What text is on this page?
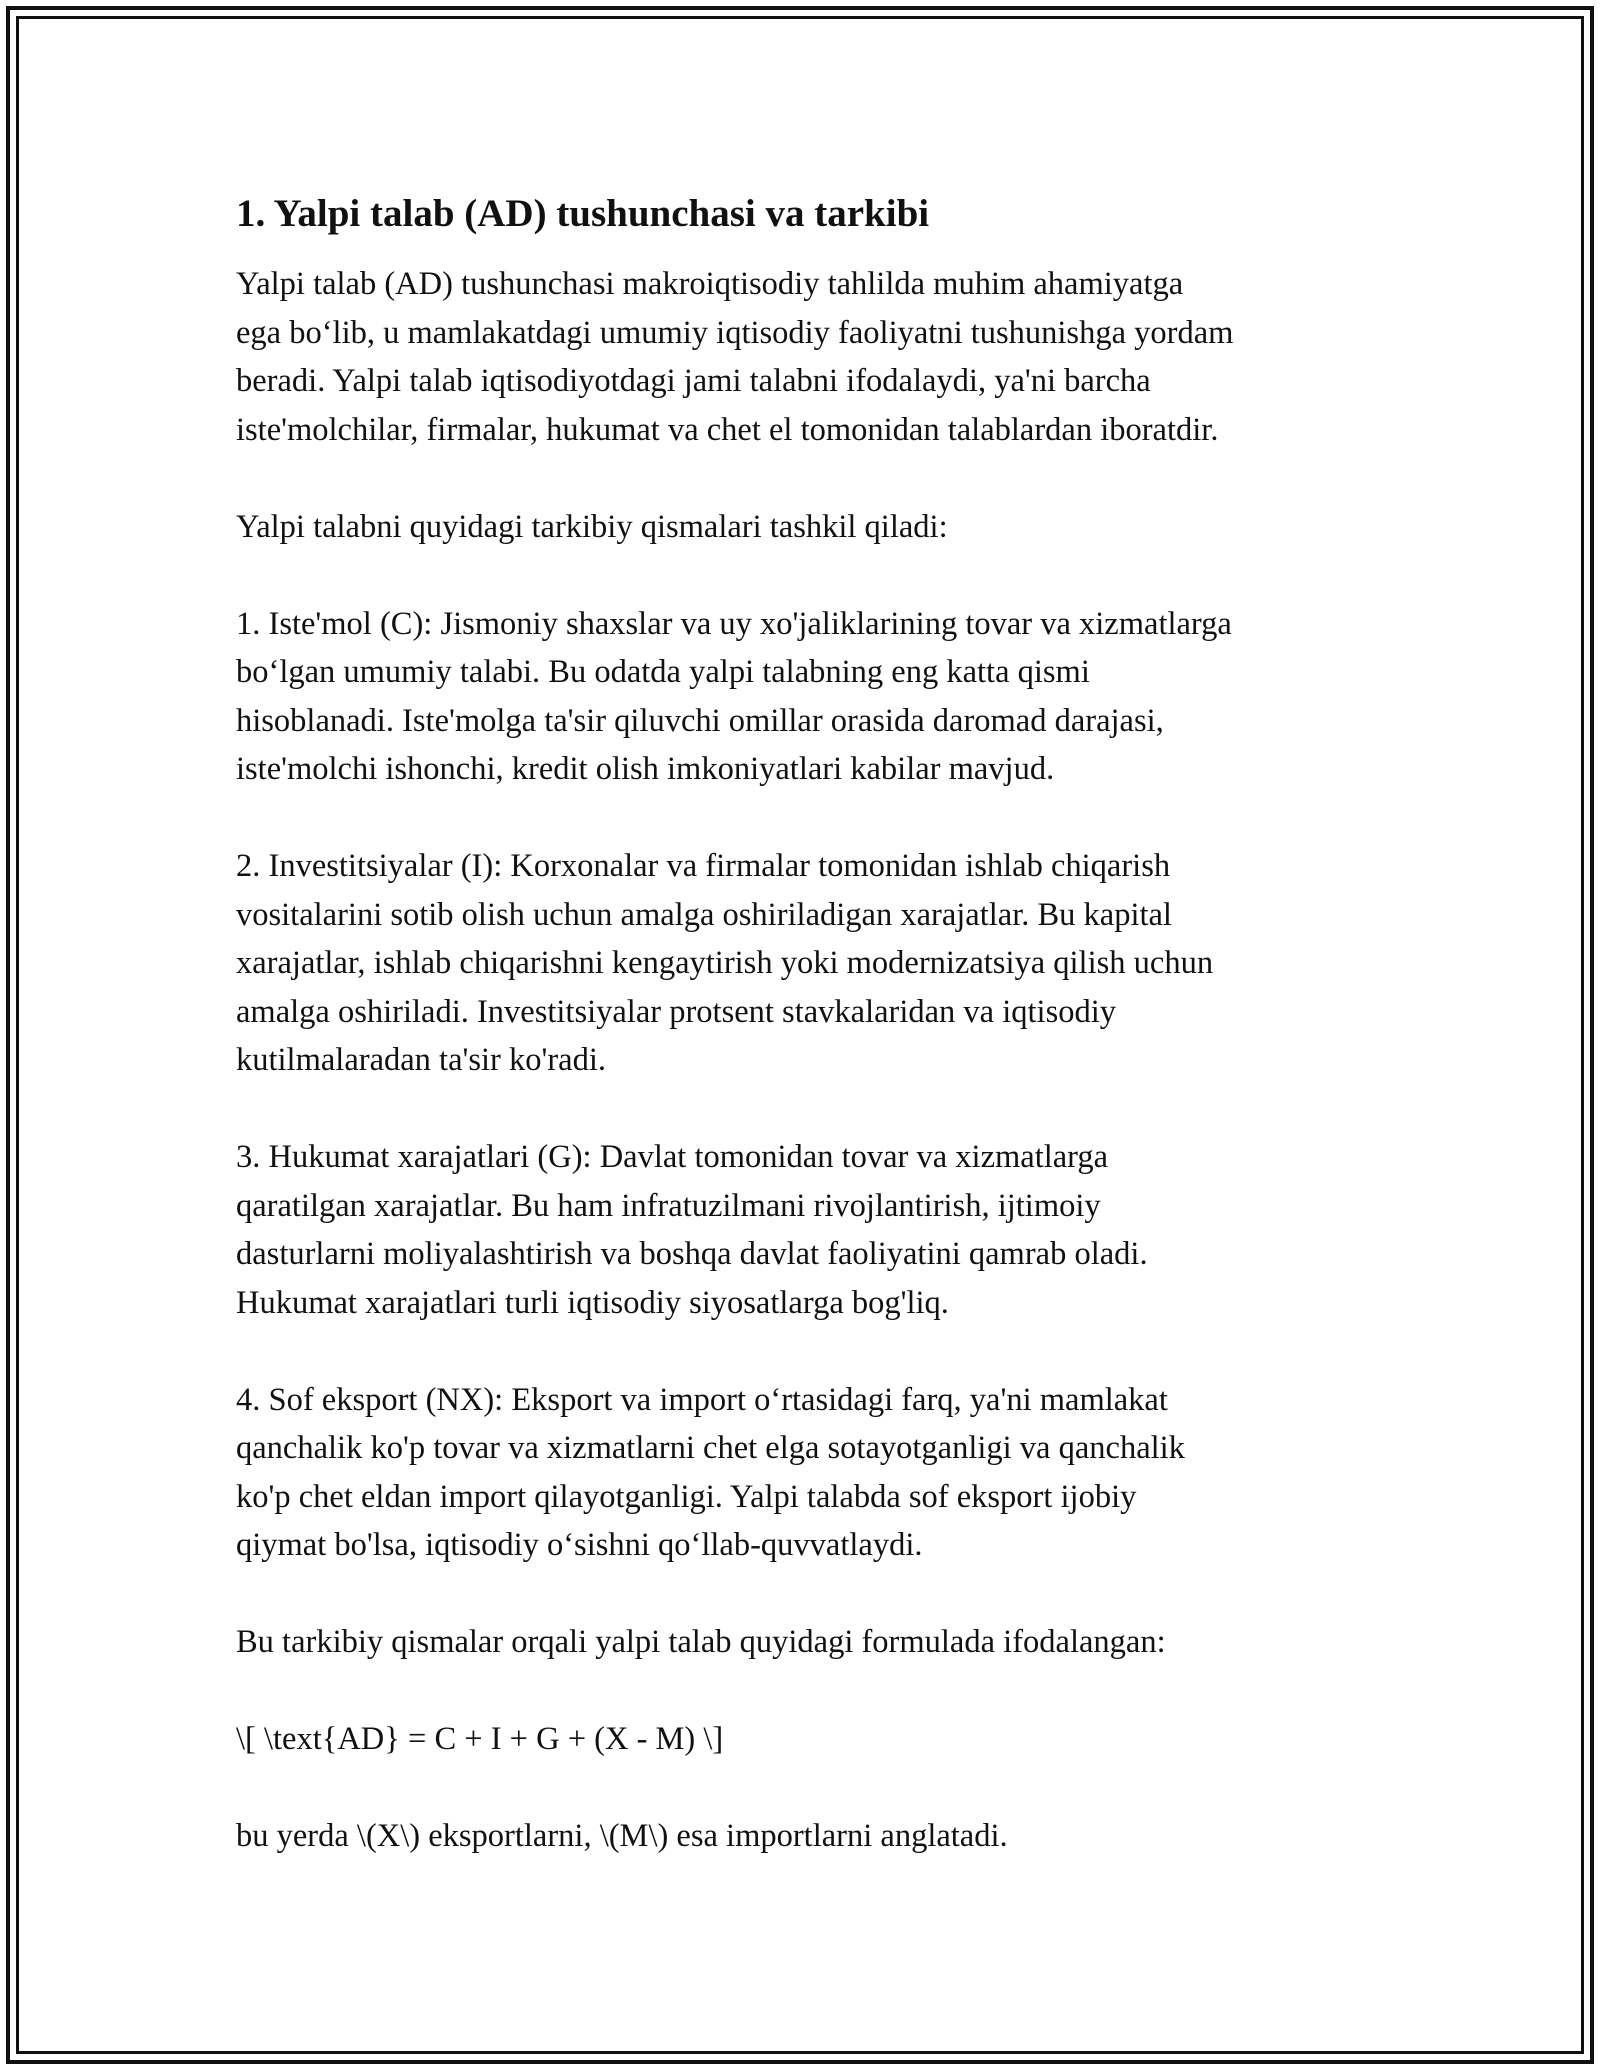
1. Yalpi talab (AD) tushunchasi va tarkibi
Yalpi talab (AD) tushunchasi makroiqtisodiy tahlilda muhim ahamiyatga
ega bo‘lib, u mamlakatdagi umumiy iqtisodiy faoliyatni tushunishga yordam
beradi. Yalpi talab iqtisodiyotdagi jami talabni ifodalaydi, ya'ni barcha
iste'molchilar, firmalar, hukumat va chet el tomonidan talablardan iboratdir.
Yalpi talabni quyidagi tarkibiy qismalari tashkil qiladi:
1. Iste'mol (C): Jismoniy shaxslar va uy xo'jaliklarining tovar va xizmatlarga
bo‘lgan umumiy talabi. Bu odatda yalpi talabning eng katta qismi
hisoblanadi. Iste'molga ta'sir qiluvchi omillar orasida daromad darajasi,
iste'molchi ishonchi, kredit olish imkoniyatlari kabilar mavjud.
2. Investitsiyalar (I): Korxonalar va firmalar tomonidan ishlab chiqarish
vositalarini sotib olish uchun amalga oshiriladigan xarajatlar. Bu kapital
xarajatlar, ishlab chiqarishni kengaytirish yoki modernizatsiya qilish uchun
amalga oshiriladi. Investitsiyalar protsent stavkalaridan va iqtisodiy
kutilmalaradan ta'sir ko'radi.
3. Hukumat xarajatlari (G): Davlat tomonidan tovar va xizmatlarga
qaratilgan xarajatlar. Bu ham infratuzilmani rivojlantirish, ijtimoiy
dasturlarni moliyalashtirish va boshqa davlat faoliyatini qamrab oladi.
Hukumat xarajatlari turli iqtisodiy siyosatlarga bog'liq.
4. Sof eksport (NX): Eksport va import o‘rtasidagi farq, ya'ni mamlakat
qanchalik ko'p tovar va xizmatlarni chet elga sotayotganligi va qanchalik
ko'p chet eldan import qilayotganligi. Yalpi talabda sof eksport ijobiy
qiymat bo'lsa, iqtisodiy o‘sishni qo‘llab-quvvatlaydi.
Bu tarkibiy qismalar orqali yalpi talab quyidagi formulada ifodalangan:
\[ \text{AD} = C + I + G + (X - M) \]
bu yerda \(X\) eksportlarni, \(M\) esa importlarni anglatadi.
